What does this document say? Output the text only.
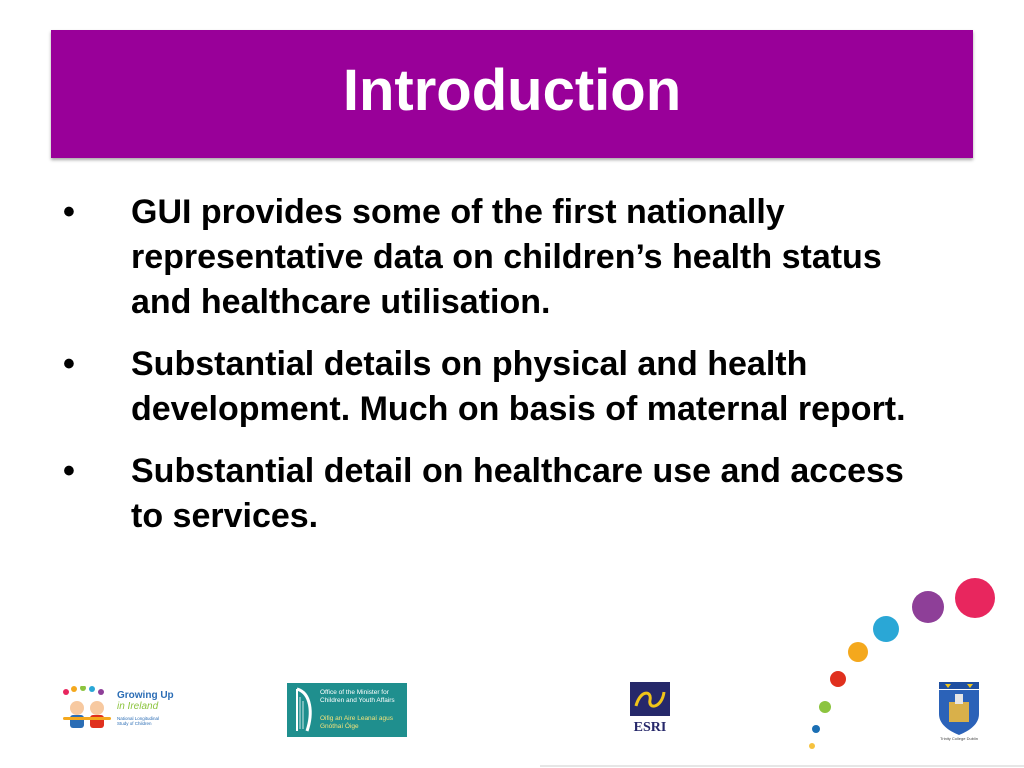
Introduction
•	GUI provides some of the first nationally representative data on children’s health status and healthcare utilisation.
•	Substantial details on physical and health development. Much on basis of maternal report.
•	Substantial detail on healthcare use and access to services.
Growing Up
in Ireland
National Longitudinal Study of Children
Office of the Minister for Children and Youth Affairs
Oifig an Aire Leanaí agus Gnóthaí Óige	ESRI
Trinity College Dublin
